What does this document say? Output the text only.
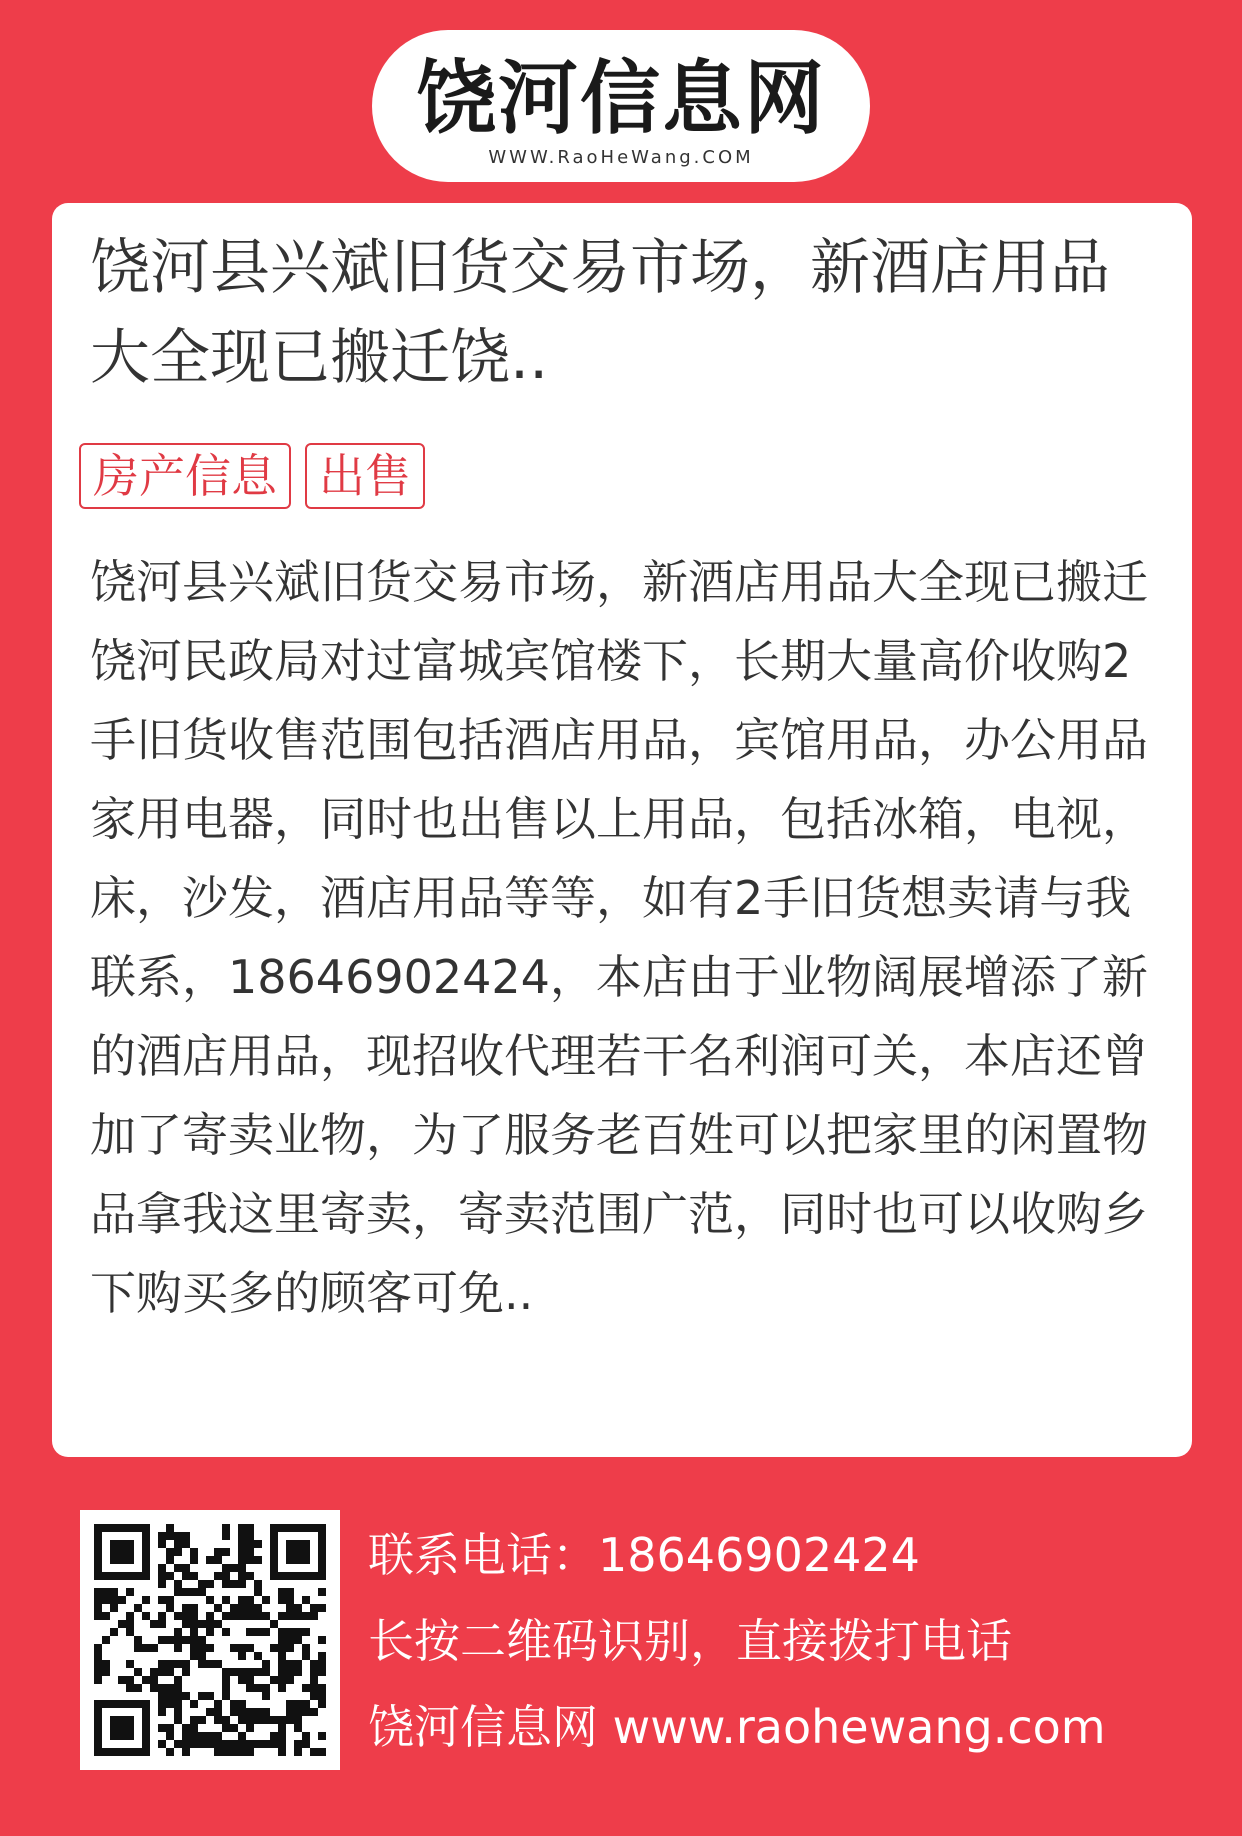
饶河信息网
WWW.RaoHeWang.COM
饶河县兴斌旧货交易市场，新酒店用品大全现已搬迁饶..
房产信息 出售

饶河县兴斌旧货交易市场，新酒店用品大全现已搬迁饶河民政局对过富城宾馆楼下，长期大量高价收购2手旧货收售范围包括酒店用品，宾馆用品，办公用品家用电器，同时也出售以上用品，包括冰箱，电视，床，沙发，酒店用品等等，如有2手旧货想卖请与我联系，18646902424，本店由于业物阔展增添了新的酒店用品，现招收代理若干名利润可关，本店还曾加了寄卖业物，为了服务老百姓可以把家里的闲置物品拿我这里寄卖，寄卖范围广范，同时也可以收购乡下购买多的顾客可免..

联系电话：18646902424
长按二维码识别，直接拨打电话
饶河信息网 www.raohewang.com
